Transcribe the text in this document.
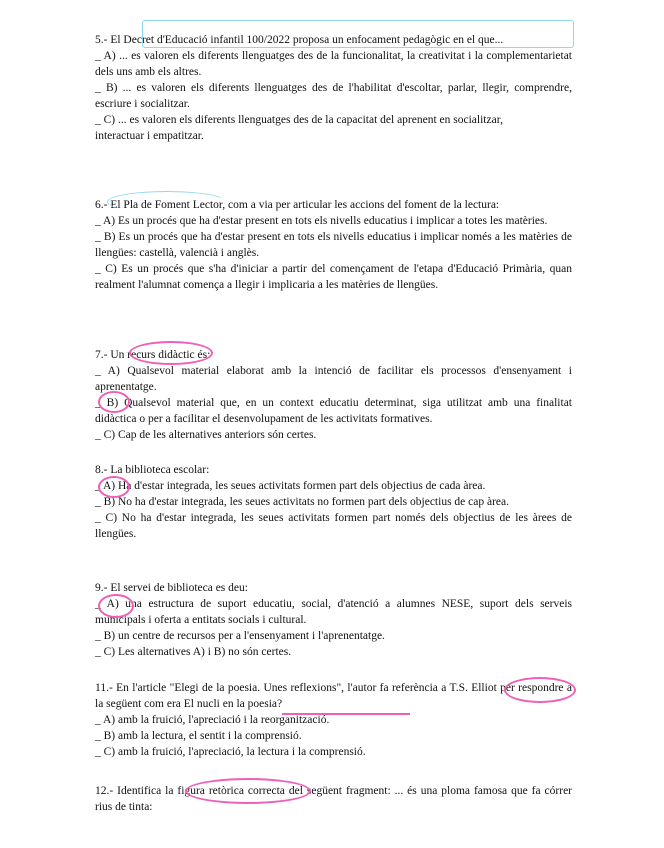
5.- El Decret d'Educació infantil 100/2022 proposa un enfocament pedagògic en el que...
_ A) ... es valoren els diferents llenguatges des de la funcionalitat, la creativitat i la complementarietat dels uns amb els altres.
_ B) ... es valoren els diferents llenguatges des de l'habilitat d'escoltar, parlar, llegir, comprendre, escriure i socialitzar.
_ C) ... es valoren els diferents llenguatges des de la capacitat del aprenent en socialitzar,
interactuar i empatitzar.
6.- El Pla de Foment Lector, com a via per articular les accions del foment de la lectura:
_ A) Es un procés que ha d'estar present en tots els nivells educatius i implicar a totes les matèries.
_ B) Es un procés que ha d'estar present en tots els nivells educatius i implicar només a les matèries de llengües: castellà, valencià i anglès.
_ C) Es un procés que s'ha d'iniciar a partir del començament de l'etapa d'Educació Primària, quan realment l'alumnat comença a llegir i implicaria a les matèries de llengües.
7.- Un recurs didàctic és:
_ A) Qualsevol material elaborat amb la intenció de facilitar els processos d'ensenyament i aprenentatge.
_ B) Qualsevol material que, en un context educatiu determinat, siga utilitzat amb una finalitat didàctica o per a facilitar el desenvolupament de les activitats formatives.
_ C) Cap de les alternatives anteriors són certes.
8.- La biblioteca escolar:
_ A) Ha d'estar integrada, les seues activitats formen part dels objectius de cada àrea.
_ B) No ha d'estar integrada, les seues activitats no formen part dels objectius de cap àrea.
_ C) No ha d'estar integrada, les seues activitats formen part només dels objectius de les àrees de llengües.
9.- El servei de biblioteca es deu:
_ A) una estructura de suport educatiu, social, d'atenció a alumnes NESE, suport dels serveis municipals i oferta a entitats socials i cultural.
_ B) un centre de recursos per a l'ensenyament i l'aprenentatge.
_ C) Les alternatives A) i B) no són certes.
11.- En l'article "Elegi de la poesia. Unes reflexions", l'autor fa referència a T.S. Elliot per respondre a la següent com era El nucli en la poesia?
_ A) amb la fruició, l'apreciació i la reorganització.
_ B) amb la lectura, el sentit i la comprensió.
_ C) amb la fruició, l'apreciació, la lectura i la comprensió.
12.- Identifica la figura retòrica correcta del següent fragment: ... és una ploma famosa que fa córrer rius de tinta:
